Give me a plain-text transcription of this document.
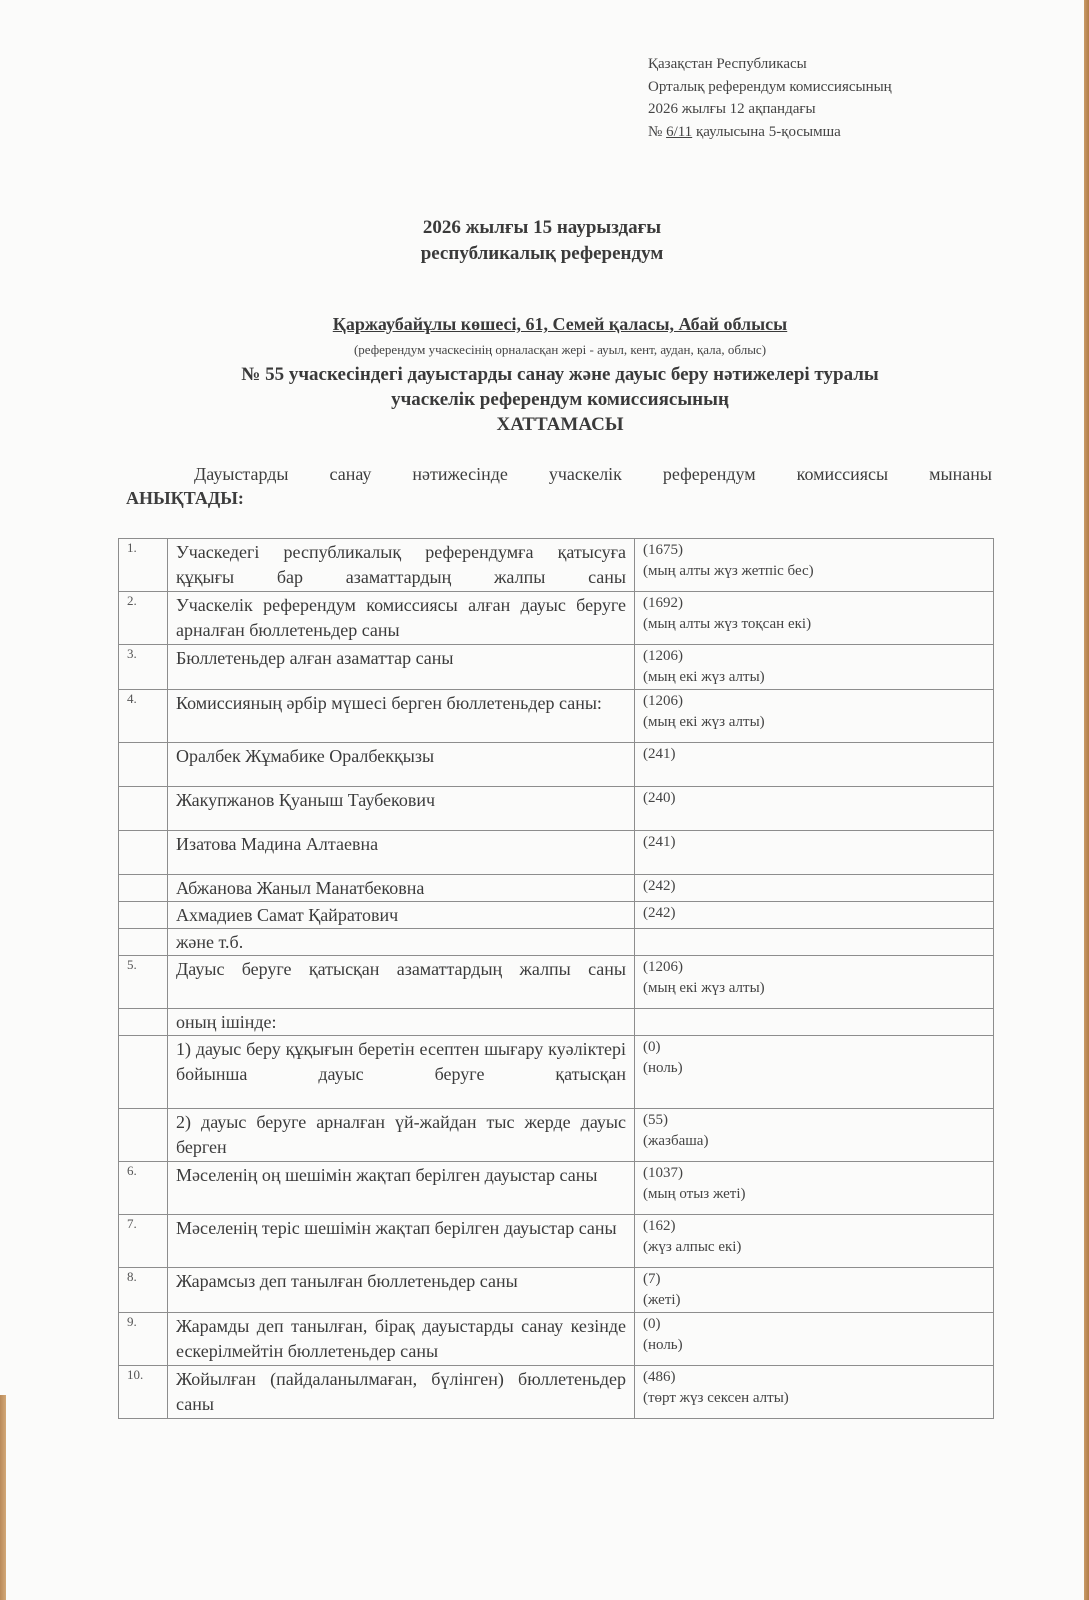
Қазақстан Республикасы
Орталық референдум комиссиясының
2026 жылғы 12 ақпандағы
№ 6/11 қаулысына 5-қосымша
2026 жылғы 15 наурыздағы
республикалық референдум
Қаржаубайұлы көшесі, 61, Семей қаласы, Абай облысы
(референдум учаскесінің орналасқан жері - ауыл, кент, аудан, қала, облыс)
№ 55 учаскесіндегі дауыстарды санау және дауыс беру нәтижелері туралы
учаскелік референдум комиссиясының
ХАТТАМАСЫ
Дауыстарды санау нәтижесінде учаскелік референдум комиссиясы мынаны
АНЫҚТАДЫ:
1.	Учаскедегі республикалық референдумға қатысуға құқығы бар азаматтардың жалпы саны	(1675)
(мың алты жүз жетпіс бес)

2.	Учаскелік референдум комиссиясы алған дауыс беруге арналған бюллетеньдер саны	(1692)
(мың алты жүз тоқсан екі)

3.	Бюллетеньдер алған азаматтар саны	(1206)
(мың екі жүз алты)

4.	Комиссияның әрбір мүшесі берген бюллетеньдер саны:	(1206)
(мың екі жүз алты)

	Оралбек Жұмабике Оралбекқызы	(241)

	Жакупжанов Қуаныш Таубекович	(240)

	Изатова Мадина Алтаевна	(241)

	Абжанова Жаныл Манатбековна	(242)

	Ахмадиев Самат Қайратович	(242)

	және т.б.	
5.	Дауыс беруге қатысқан азаматтардың жалпы саны	(1206)
(мың екі жүз алты)

	оның ішінде:	
	1) дауыс беру құқығын беретін есептен шығару куәліктері бойынша дауыс беруге қатысқан	(0)
(ноль)

	2) дауыс беруге арналған үй-жайдан тыс жерде дауыс берген	(55)
(жазбаша)

6.	Мәселенің оң шешімін жақтап берілген дауыстар саны	(1037)
(мың отыз жеті)

7.	Мәселенің теріс шешімін жақтап берілген дауыстар саны	(162)
(жүз алпыс екі)

8.	Жарамсыз деп танылған бюллетеньдер саны	(7)
(жеті)

9.	Жарамды деп танылған, бірақ дауыстарды санау кезінде ескерілмейтін бюллетеньдер саны	(0)
(ноль)

10.	Жойылған (пайдаланылмаған, бүлінген) бюллетеньдер саны	(486)
(төрт жүз сексен алты)
